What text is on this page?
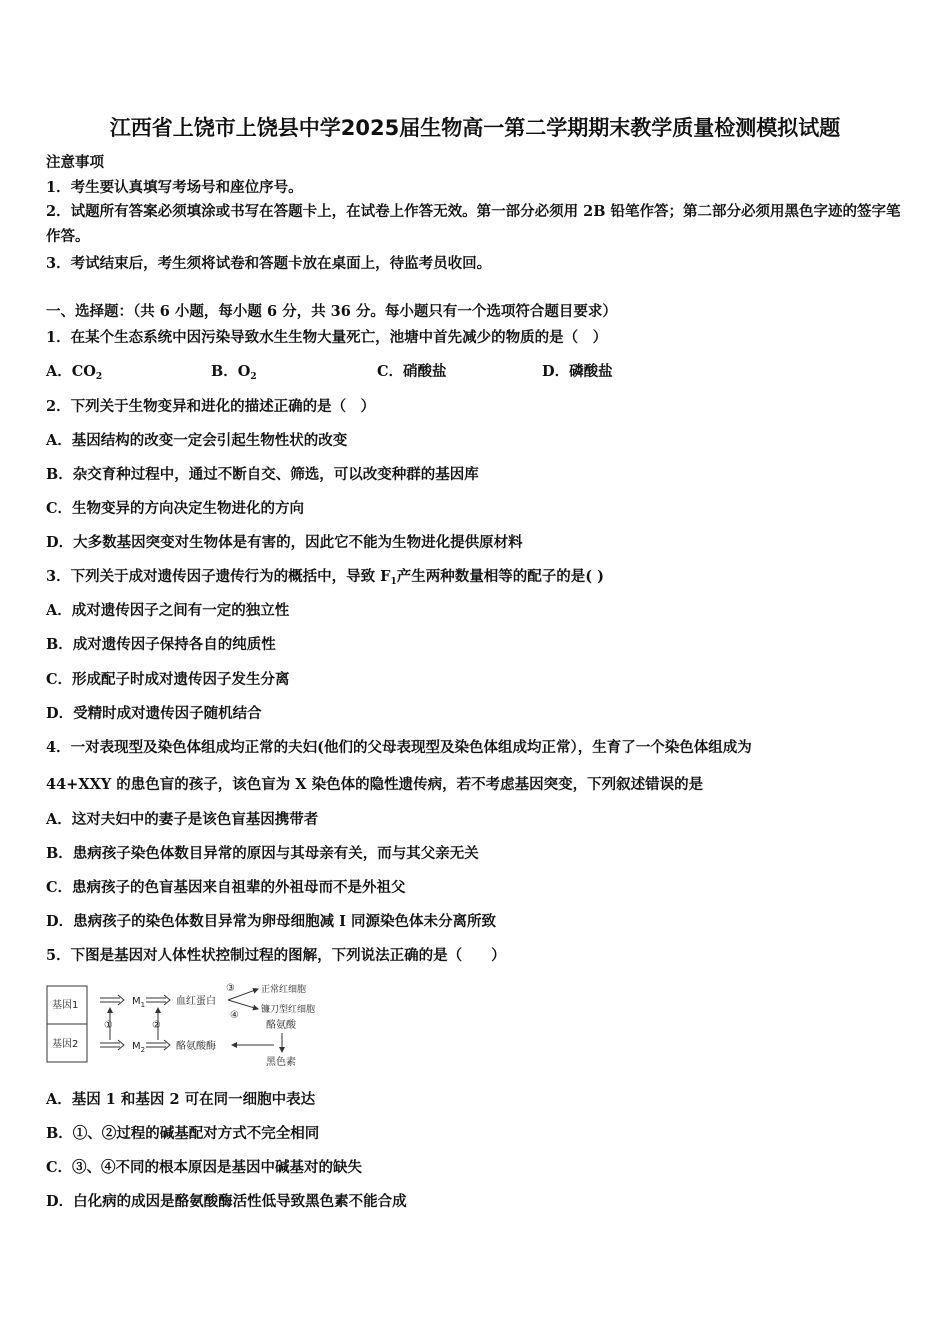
江西省上饶市上饶县中学2025届生物高一第二学期期末教学质量检测模拟试题
注意事项
1．考生要认真填写考场号和座位序号。
2．试题所有答案必须填涂或书写在答题卡上，在试卷上作答无效。第一部分必须用 2B 铅笔作答；第二部分必须用黑色字迹的签字笔作答。
3．考试结束后，考生须将试卷和答题卡放在桌面上，待监考员收回。
一、选择题：（共 6 小题，每小题 6 分，共 36 分。每小题只有一个选项符合题目要求）
1．在某个生态系统中因污染导致水生生物大量死亡，池塘中首先减少的物质的是（　）
A．$CO_2$	B．$O_2$	C．硝酸盐	D．磷酸盐
2．下列关于生物变异和进化的描述正确的是（　）
A．基因结构的改变一定会引起生物性状的改变
B．杂交育种过程中，通过不断自交、筛选，可以改变种群的基因库
C．生物变异的方向决定生物进化的方向
D．大多数基因突变对生物体是有害的，因此它不能为生物进化提供原材料
3．下列关于成对遗传因子遗传行为的概括中，导致 $F_1$产生两种数量相等的配子的是( )
A．成对遗传因子之间有一定的独立性
B．成对遗传因子保持各自的纯质性
C．形成配子时成对遗传因子发生分离
D．受精时成对遗传因子随机结合
4．一对表现型及染色体组成均正常的夫妇(他们的父母表现型及染色体组成均正常），生育了一个染色体组成为
44+XXY 的患色盲的孩子，该色盲为 X 染色体的隐性遗传病，若不考虑基因突变，下列叙述错误的是
A．这对夫妇中的妻子是该色盲基因携带者
B．患病孩子染色体数目异常的原因与其母亲有关，而与其父亲无关
C．患病孩子的色盲基因来自祖辈的外祖母而不是外祖父
D．患病孩子的染色体数目异常为卵母细胞减 I 同源染色体未分离所致
5．下图是基因对人体性状控制过程的图解，下列说法正确的是（　　）
基因1
基因2
$M_1$	血红蛋白
③
④
正常红细胞
镰刀型红细胞
①	②
$M_2$	酪氨酸酶
酪氨酸
黑色素
A．基因 1 和基因 2 可在同一细胞中表达
B．①、②过程的碱基配对方式不完全相同
C．③、④不同的根本原因是基因中碱基对的缺失
D．白化病的成因是酪氨酸酶活性低导致黑色素不能合成
